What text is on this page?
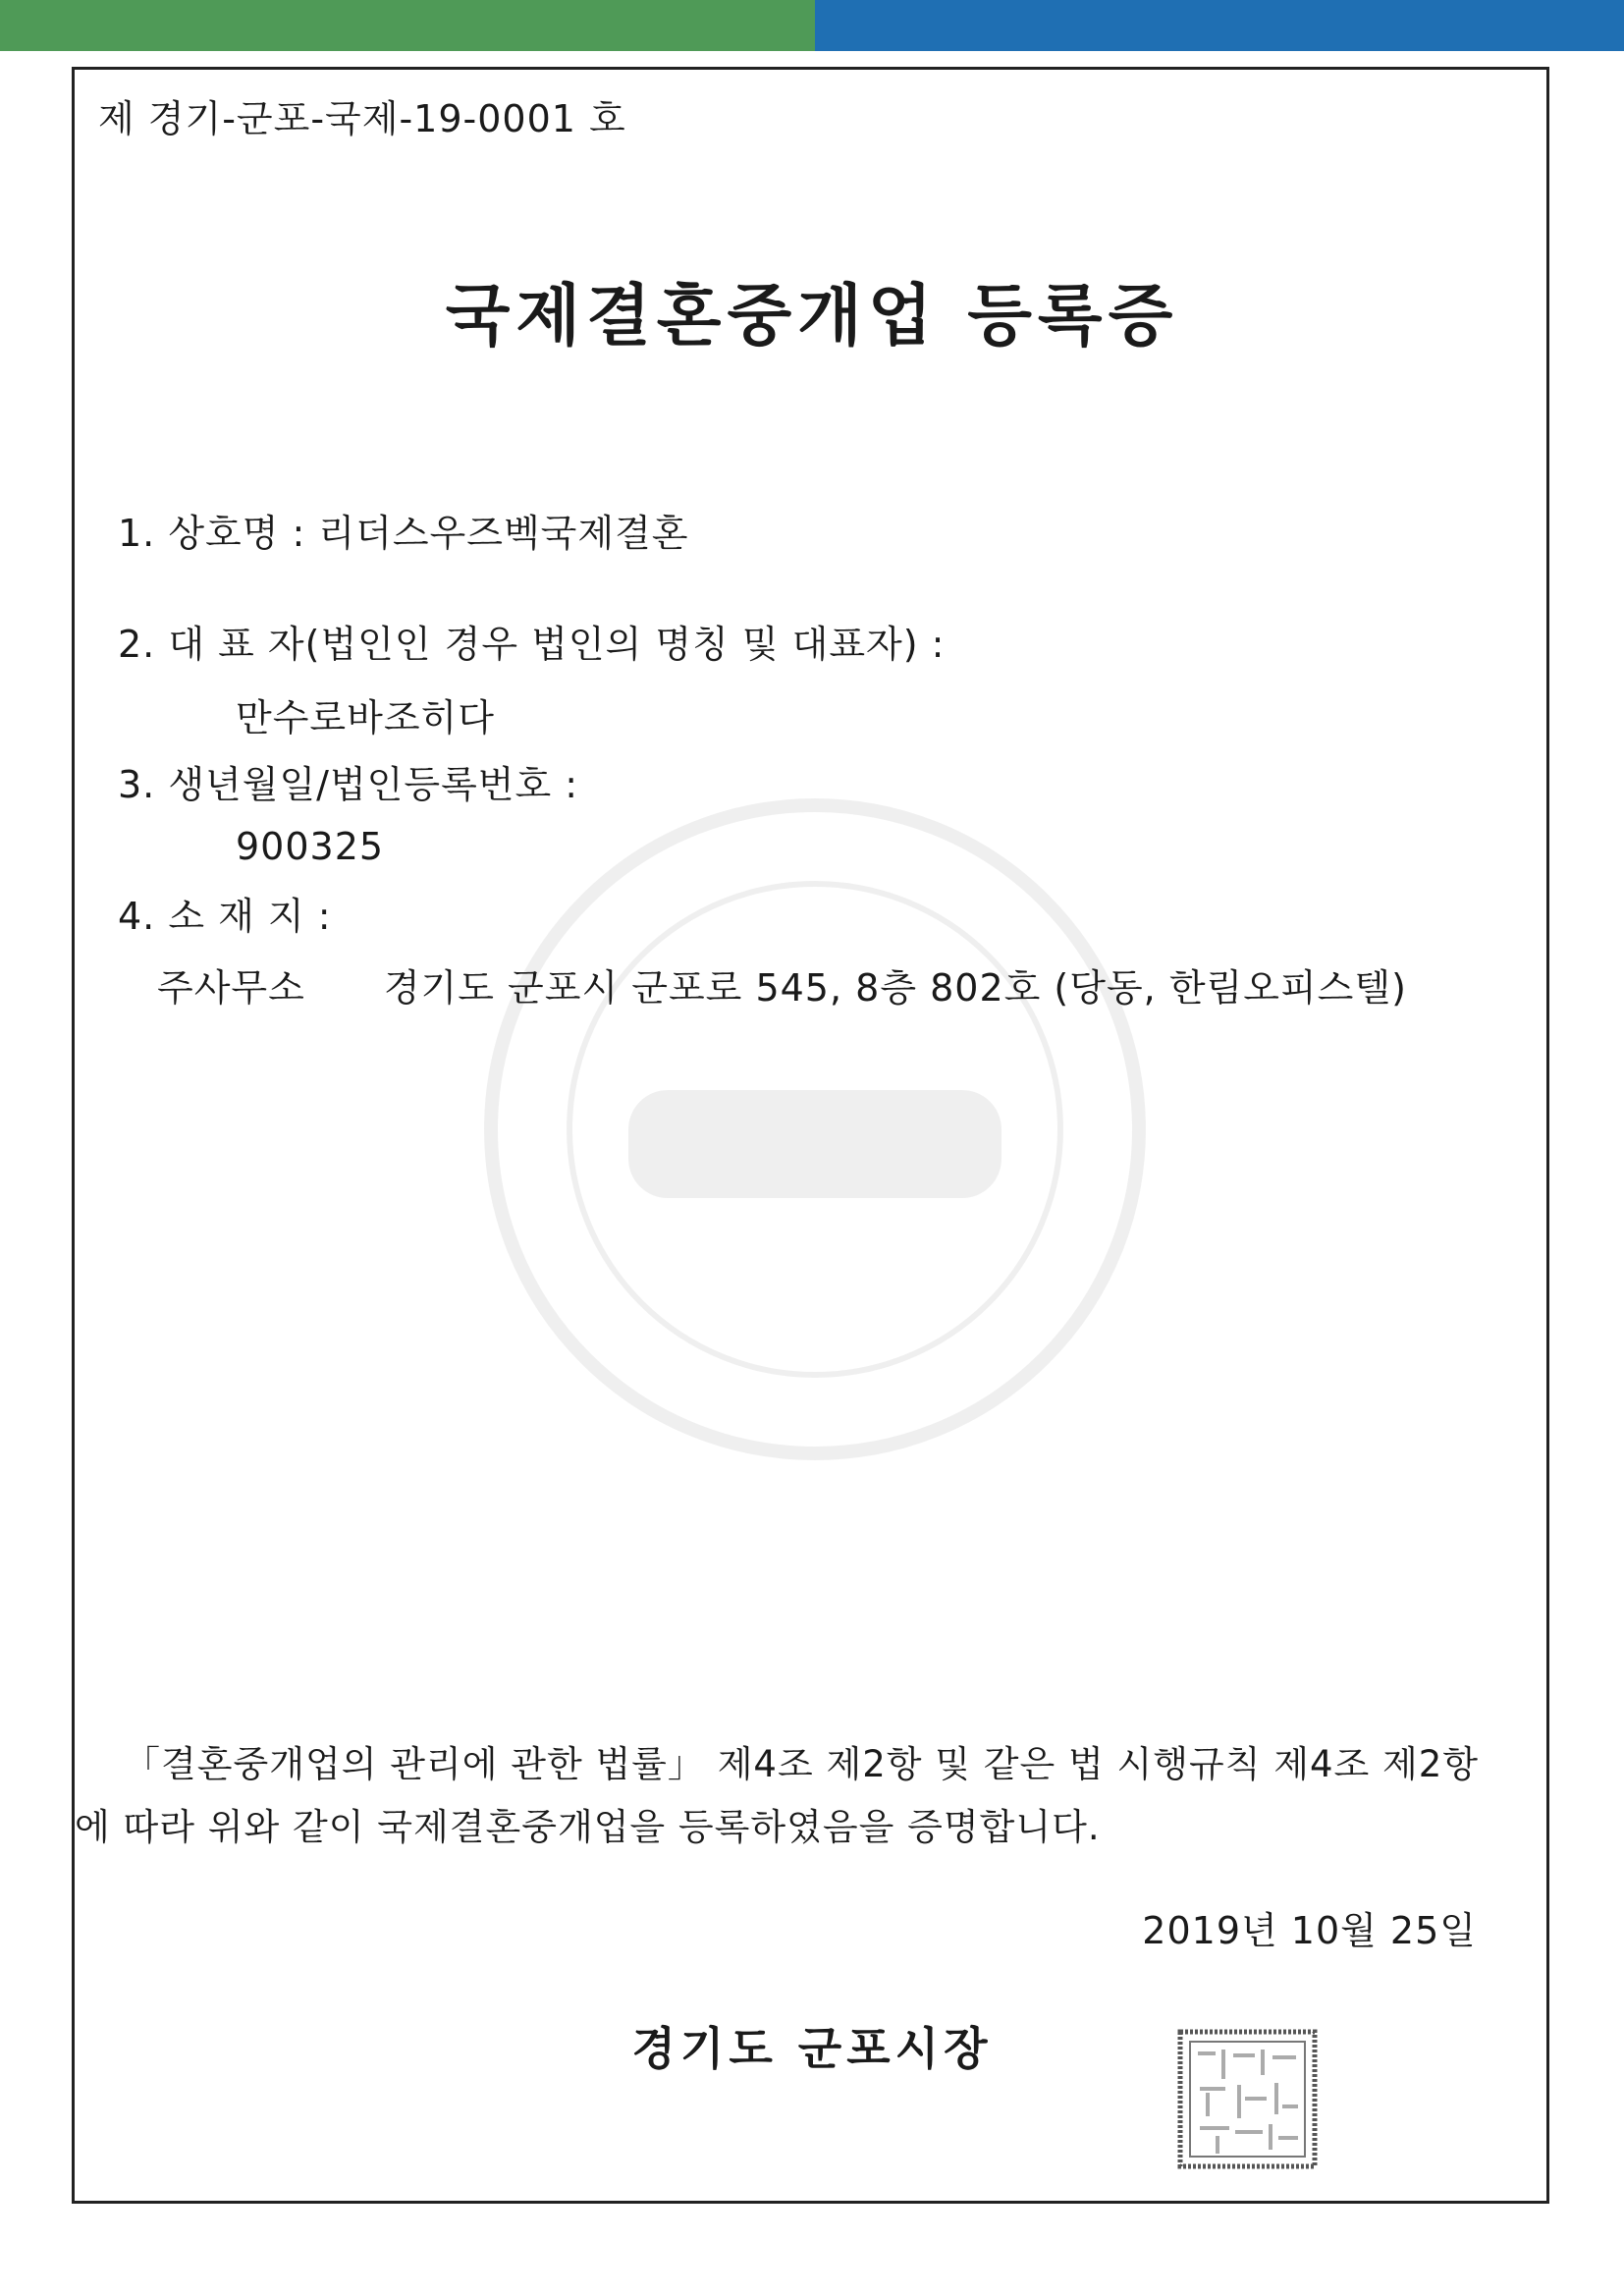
제 경기-군포-국제-19-0001 호
국제결혼중개업 등록증
1. 상호명 : 리더스우즈벡국제결혼
2. 대 표 자(법인인 경우 법인의 명칭 및 대표자) :
만수로바조히다
3. 생년월일/법인등록번호 :
900325
4. 소 재 지 :
주사무소 경기도 군포시 군포로 545, 8층 802호 (당동, 한림오피스텔)
「결혼중개업의 관리에 관한 법률」 제4조 제2항 및 같은 법 시행규칙 제4조 제2항
에 따라 위와 같이 국제결혼중개업을 등록하였음을 증명합니다.
2019년 10월 25일
경기도 군포시장
